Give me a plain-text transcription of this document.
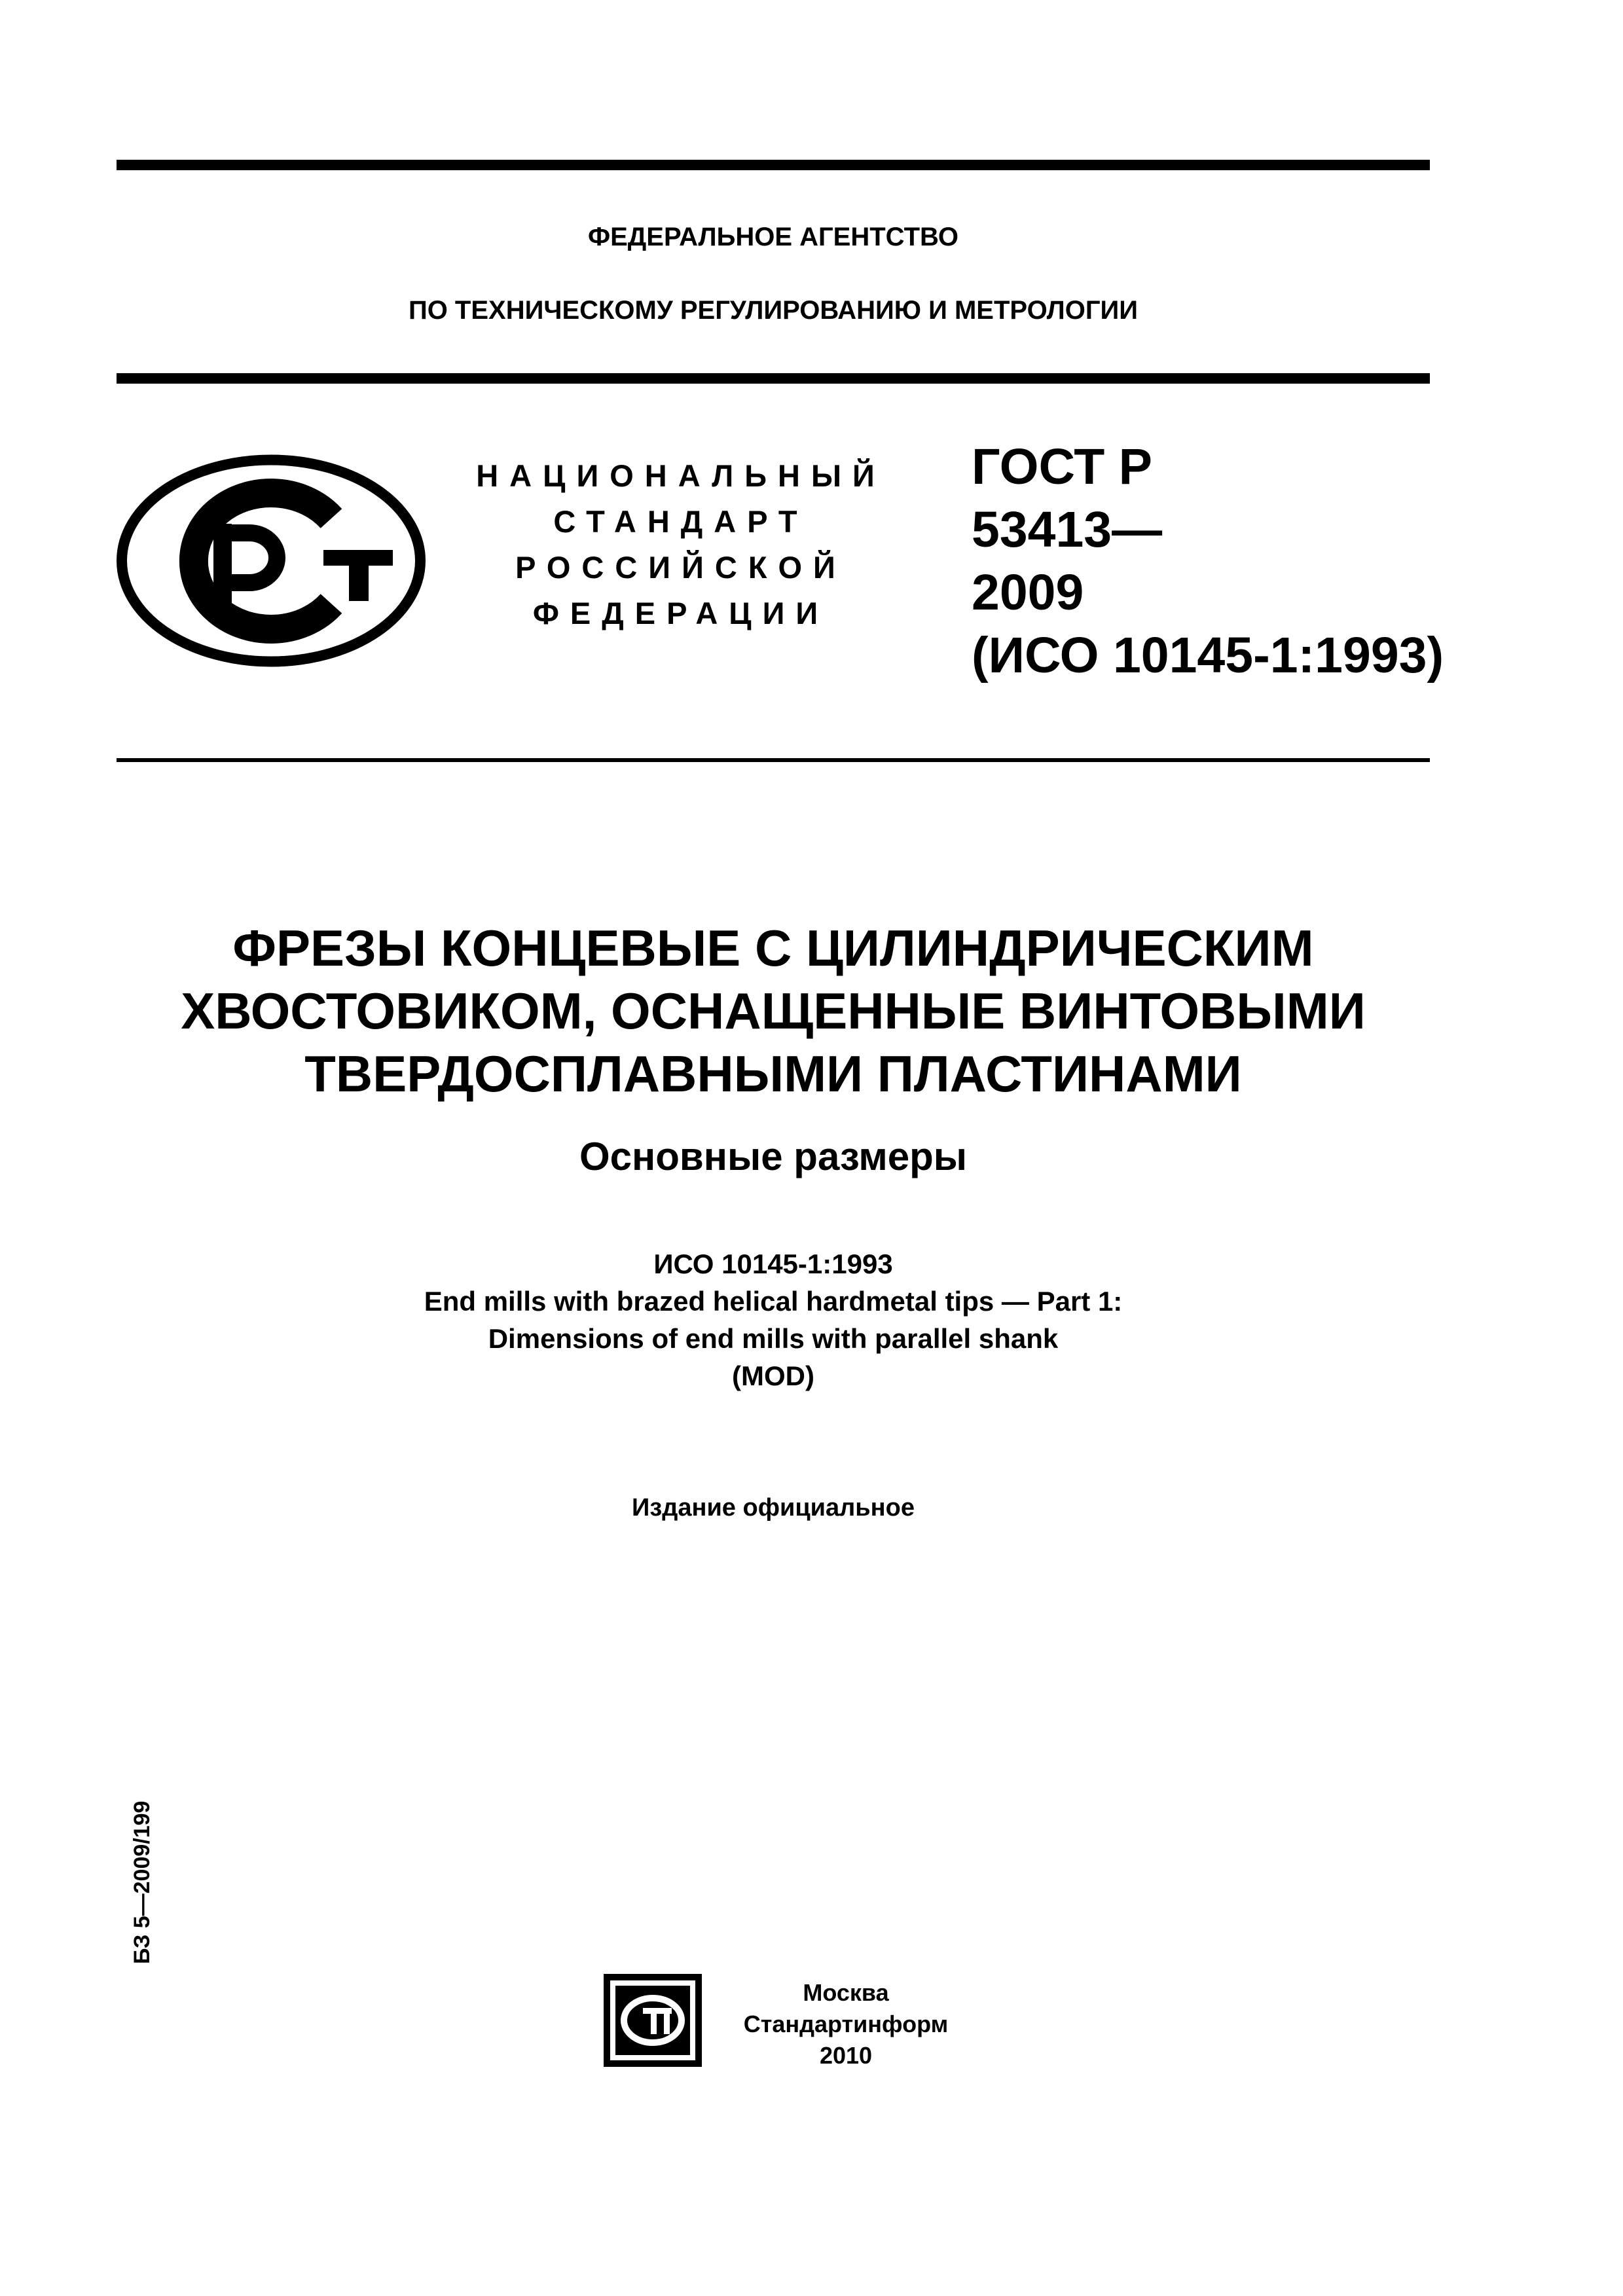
ФЕДЕРАЛЬНОЕ АГЕНТСТВО
ПО ТЕХНИЧЕСКОМУ РЕГУЛИРОВАНИЮ И МЕТРОЛОГИИ
НАЦИОНАЛЬНЫЙ
СТАНДАРТ
РОССИЙСКОЙ
ФЕДЕРАЦИИ
ГОСТ Р
53413—
2009
(ИСО 10145-1:1993)
ФРЕЗЫ КОНЦЕВЫЕ С ЦИЛИНДРИЧЕСКИМ
ХВОСТОВИКОМ, ОСНАЩЕННЫЕ ВИНТОВЫМИ
ТВЕРДОСПЛАВНЫМИ ПЛАСТИНАМИ
Основные размеры
ИСО 10145-1:1993
End mills with brazed helical hardmetal tips — Part 1:
Dimensions of end mills with parallel shank
(MOD)
Издание официальное
БЗ 5—2009/199
Москва
Стандартинформ
2010
